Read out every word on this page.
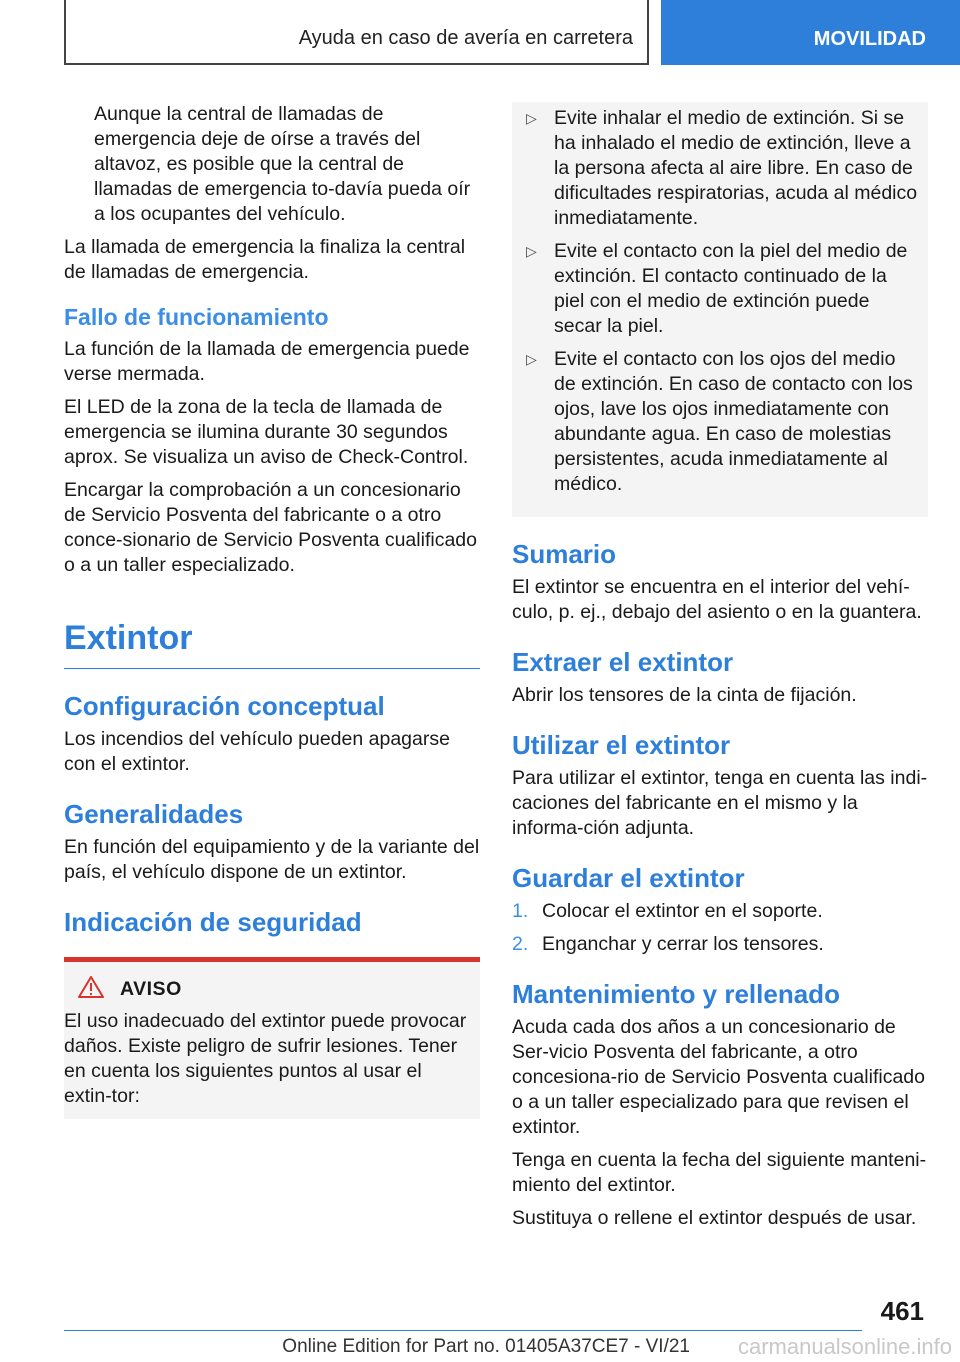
Ayuda en caso de avería en carretera	MOVILIDAD

Aunque la central de llamadas de emergencia deje de oírse a través del altavoz, es posible que la central de llamadas de emergencia to-davía pueda oír a los ocupantes del vehículo.

La llamada de emergencia la finaliza la central de llamadas de emergencia.

Fallo de funcionamiento

La función de la llamada de emergencia puede verse mermada.

El LED de la zona de la tecla de llamada de emergencia se ilumina durante 30 segundos aprox. Se visualiza un aviso de Check-Control.

Encargar la comprobación a un concesionario de Servicio Posventa del fabricante o a otro conce-sionario de Servicio Posventa cualificado o a un taller especializado.

Extintor
Configuración conceptual

Los incendios del vehículo pueden apagarse con el extintor.

Generalidades

En función del equipamiento y de la variante del país, el vehículo dispone de un extintor.

Indicación de seguridad
AVISO

El uso inadecuado del extintor puede provocar daños. Existe peligro de sufrir lesiones. Tener en cuenta los siguientes puntos al usar el extin-tor:

▷ Evite inhalar el medio de extinción. Si se ha inhalado el medio de extinción, lleve a la persona afecta al aire libre. En caso de dificultades respiratorias, acuda al médico inmediatamente.

▷ Evite el contacto con la piel del medio de extinción. El contacto continuado de la piel con el medio de extinción puede secar la piel.

▷ Evite el contacto con los ojos del medio de extinción. En caso de contacto con los ojos, lave los ojos inmediatamente con abundante agua. En caso de molestias persistentes, acuda inmediatamente al médico.

Sumario

El extintor se encuentra en el interior del vehí-culo, p. ej., debajo del asiento o en la guantera.

Extraer el extintor

Abrir los tensores de la cinta de fijación.

Utilizar el extintor

Para utilizar el extintor, tenga en cuenta las indi-caciones del fabricante en el mismo y la informa-ción adjunta.

Guardar el extintor
1. Colocar el extintor en el soporte.
2. Enganchar y cerrar los tensores.
Mantenimiento y rellenado

Acuda cada dos años a un concesionario de Ser-vicio Posventa del fabricante, a otro concesiona-rio de Servicio Posventa cualificado o a un taller especializado para que revisen el extintor.

Tenga en cuenta la fecha del siguiente manteni-miento del extintor.

Sustituya o rellene el extintor después de usar.

461
Online Edition for Part no. 01405A37CE7 - VI/21 carmanualsonline.info
